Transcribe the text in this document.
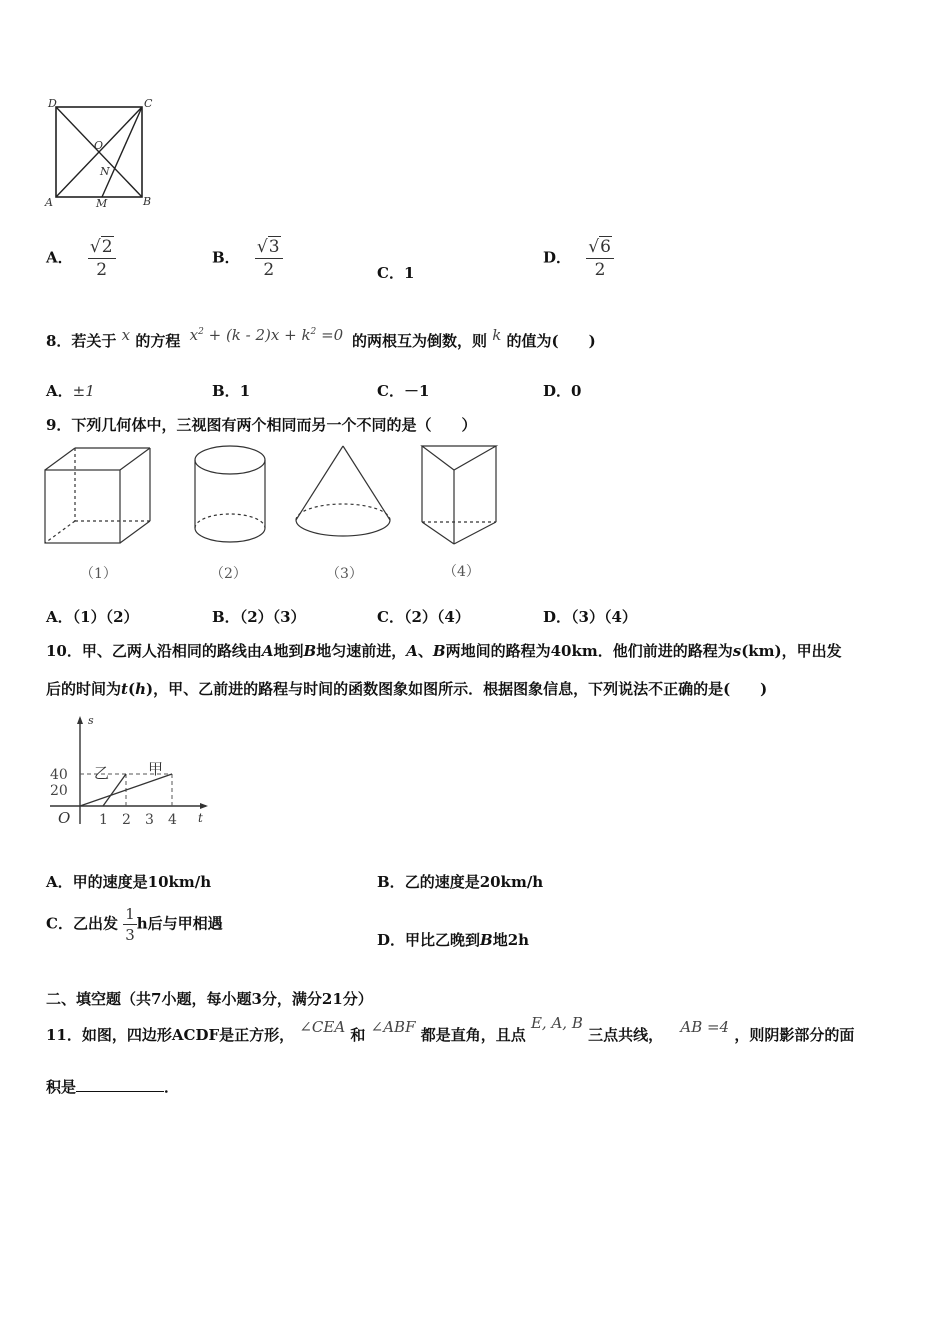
D	C
O
N
A	M	B
A． $\frac{√2}{2}$	B． $\frac{√3}{2}$	C．1
D． $\frac{√6}{2}$
8．若关于 x 的方程 $x^2 + (k - 2)x + k^2 =0$ 的两根互为倒数，则 k 的值为(　　)
A．±1	B．1	C．－1	D．0
9．下列几何体中，三视图有两个相同而另一个不同的是（　　）
（1）	（2）	（3）	（4）
A．（1）（2）	B．（2）（3）	C．（2）（4）	D．（3）（4）
10．甲、乙两人沿相同的路线由A地到B地匀速前进，A、B两地间的路程为40km．他们前进的路程为s(km)，甲出发
后的时间为t(h)，甲、乙前进的路程与时间的函数图象如图所示．根据图象信息，下列说法不正确的是(　　)
s
t
O 1 2 3 4
20
40 乙	甲
A．甲的速度是10km/h	B．乙的速度是20km/h
C．乙出发 $\frac{1}{3}$ h后与甲相遇
D．甲比乙晚到B地2h
二、填空题（共7小题，每小题3分，满分21分）
11．如图，四边形ACDF是正方形， ∠CEA 和 ∠ABF 都是直角，且点 E, A, B 三点共线， AB =4 ，则阴影部分的面
积是	．
